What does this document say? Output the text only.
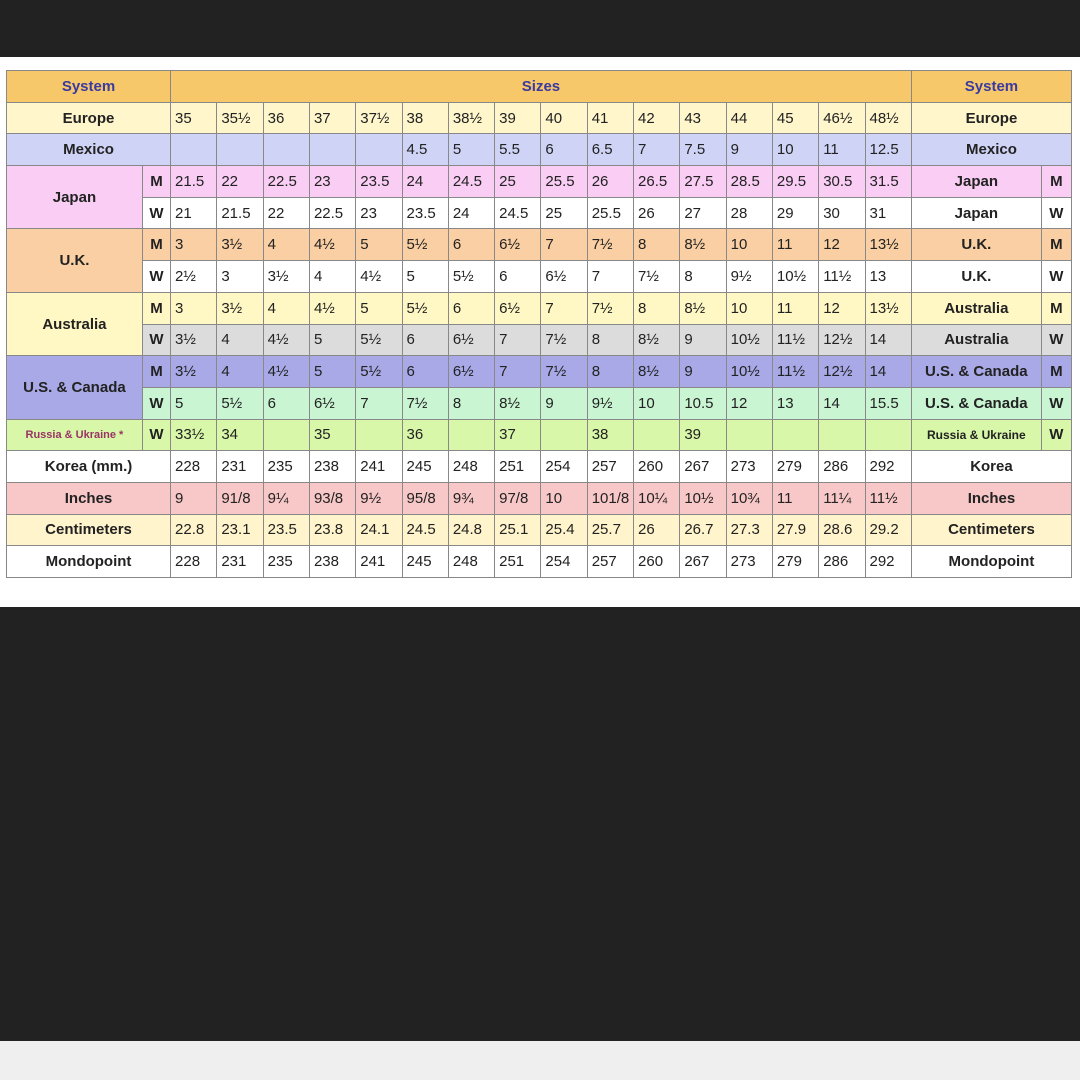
System		Sizes																System	
Europe		35	35½	36	37	37½	38	38½	39	40	41	42	43	44	45	46½	48½	Europe	
Mexico							4.5	5	5.5	6	6.5	7	7.5	9	10	11	12.5	Mexico	
Japan	M	21.5	22	22.5	23	23.5	24	24.5	25	25.5	26	26.5	27.5	28.5	29.5	30.5	31.5	Japan	M
	W	21	21.5	22	22.5	23	23.5	24	24.5	25	25.5	26	27	28	29	30	31	Japan	W
U.K.	M	3	3½	4	4½	5	5½	6	6½	7	7½	8	8½	10	11	12	13½	U.K.	M
	W	2½	3	3½	4	4½	5	5½	6	6½	7	7½	8	9½	10½	11½	13	U.K.	W
Australia	M	3	3½	4	4½	5	5½	6	6½	7	7½	8	8½	10	11	12	13½	Australia	M
	W	3½	4	4½	5	5½	6	6½	7	7½	8	8½	9	10½	11½	12½	14	Australia	W
U.S. & Canada	M	3½	4	4½	5	5½	6	6½	7	7½	8	8½	9	10½	11½	12½	14	U.S. & Canada	M
	W	5	5½	6	6½	7	7½	8	8½	9	9½	10	10.5	12	13	14	15.5	U.S. & Canada	W
Russia & Ukraine *	W	33½	34		35		36		37		38		39					Russia & Ukraine	W
Korea (mm.)		228	231	235	238	241	245	248	251	254	257	260	267	273	279	286	292	Korea	
Inches		9	91/8	9¼	93/8	9½	95/8	9¾	97/8	10	101/8	10¼	10½	10¾	11	11¼	11½	Inches	
Centimeters		22.8	23.1	23.5	23.8	24.1	24.5	24.8	25.1	25.4	25.7	26	26.7	27.3	27.9	28.6	29.2	Centimeters	
Mondopoint		228	231	235	238	241	245	248	251	254	257	260	267	273	279	286	292	Mondopoint	
